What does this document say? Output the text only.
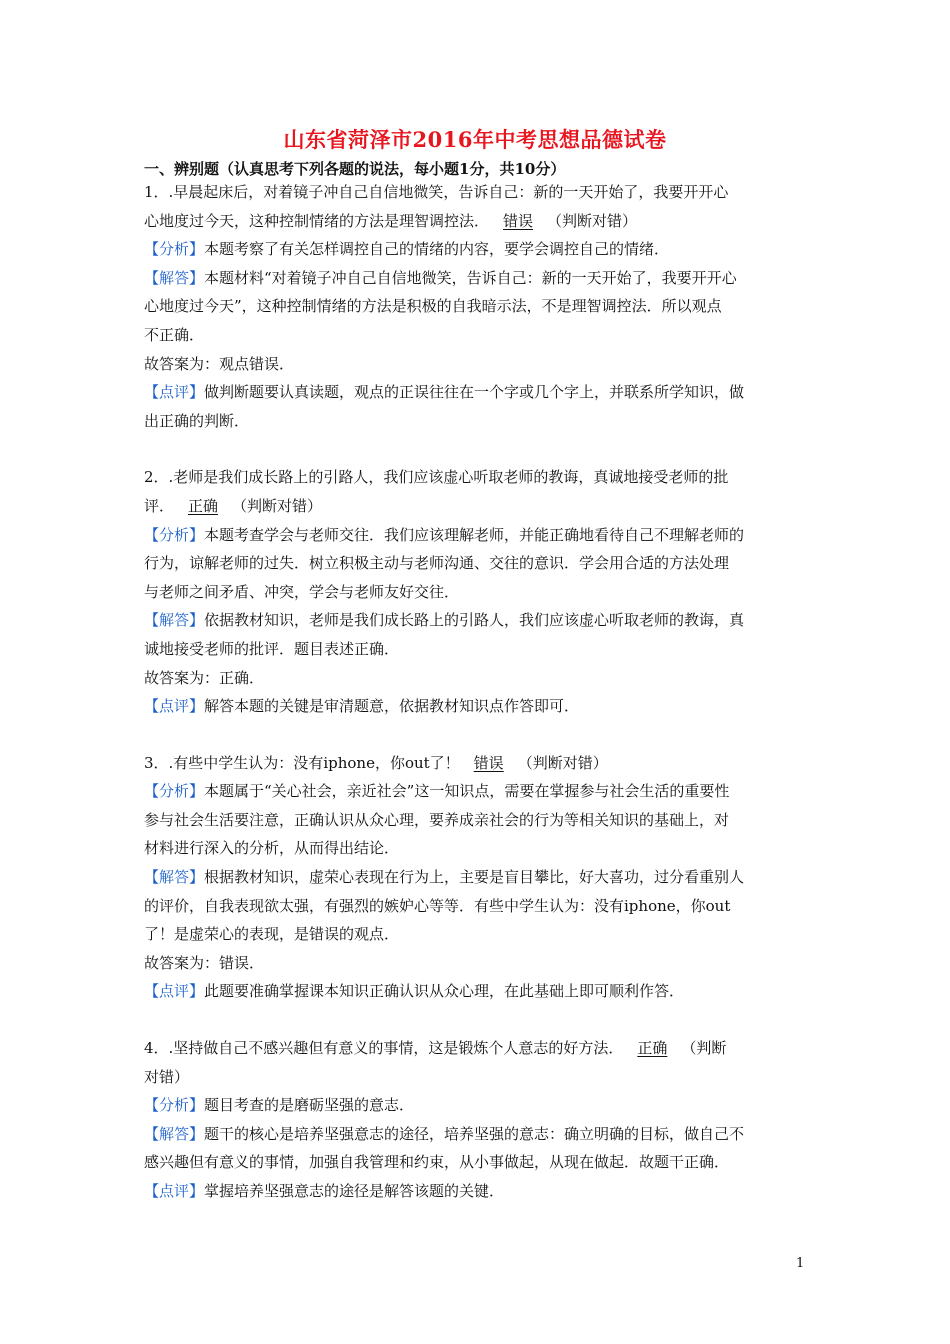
山东省菏泽市2016年中考思想品德试卷
一、辨别题（认真思考下列各题的说法，每小题1分，共10分）
1．.早晨起床后，对着镜子冲自己自信地微笑，告诉自己：新的一天开始了，我要开开心
心地度过今天，这种控制情绪的方法是理智调控法． 错误 （判断对错）
【分析】本题考察了有关怎样调控自己的情绪的内容，要学会调控自己的情绪．
【解答】本题材料“对着镜子冲自己自信地微笑，告诉自己：新的一天开始了，我要开开心
心地度过今天”，这种控制情绪的方法是积极的自我暗示法，不是理智调控法．所以观点
不正确．
故答案为：观点错误．
【点评】做判断题要认真读题，观点的正误往往在一个字或几个字上，并联系所学知识，做
出正确的判断．
2．.老师是我们成长路上的引路人，我们应该虚心听取老师的教诲，真诚地接受老师的批
评． 正确 （判断对错）
【分析】本题考查学会与老师交往．我们应该理解老师，并能正确地看待自己不理解老师的
行为，谅解老师的过失．树立积极主动与老师沟通、交往的意识．学会用合适的方法处理
与老师之间矛盾、冲突，学会与老师友好交往．
【解答】依据教材知识，老师是我们成长路上的引路人，我们应该虚心听取老师的教诲，真
诚地接受老师的批评．题目表述正确．
故答案为：正确．
【点评】解答本题的关键是审清题意，依据教材知识点作答即可．
3．.有些中学生认为：没有iphone，你out了！ 错误 （判断对错）
【分析】本题属于“关心社会，亲近社会”这一知识点，需要在掌握参与社会生活的重要性
参与社会生活要注意，正确认识从众心理，要养成亲社会的行为等相关知识的基础上，对
材料进行深入的分析，从而得出结论．
【解答】根据教材知识，虚荣心表现在行为上，主要是盲目攀比，好大喜功，过分看重别人
的评价，自我表现欲太强，有强烈的嫉妒心等等．有些中学生认为：没有iphone，你out
了！是虚荣心的表现，是错误的观点．
故答案为：错误．
【点评】此题要准确掌握课本知识正确认识从众心理，在此基础上即可顺利作答．
4．.坚持做自己不感兴趣但有意义的事情，这是锻炼个人意志的好方法． 正确 （判断
对错）
【分析】题目考查的是磨砺坚强的意志．
【解答】题干的核心是培养坚强意志的途径，培养坚强的意志：确立明确的目标，做自己不
感兴趣但有意义的事情，加强自我管理和约束，从小事做起，从现在做起．故题干正确．
【点评】掌握培养坚强意志的途径是解答该题的关键．
1
